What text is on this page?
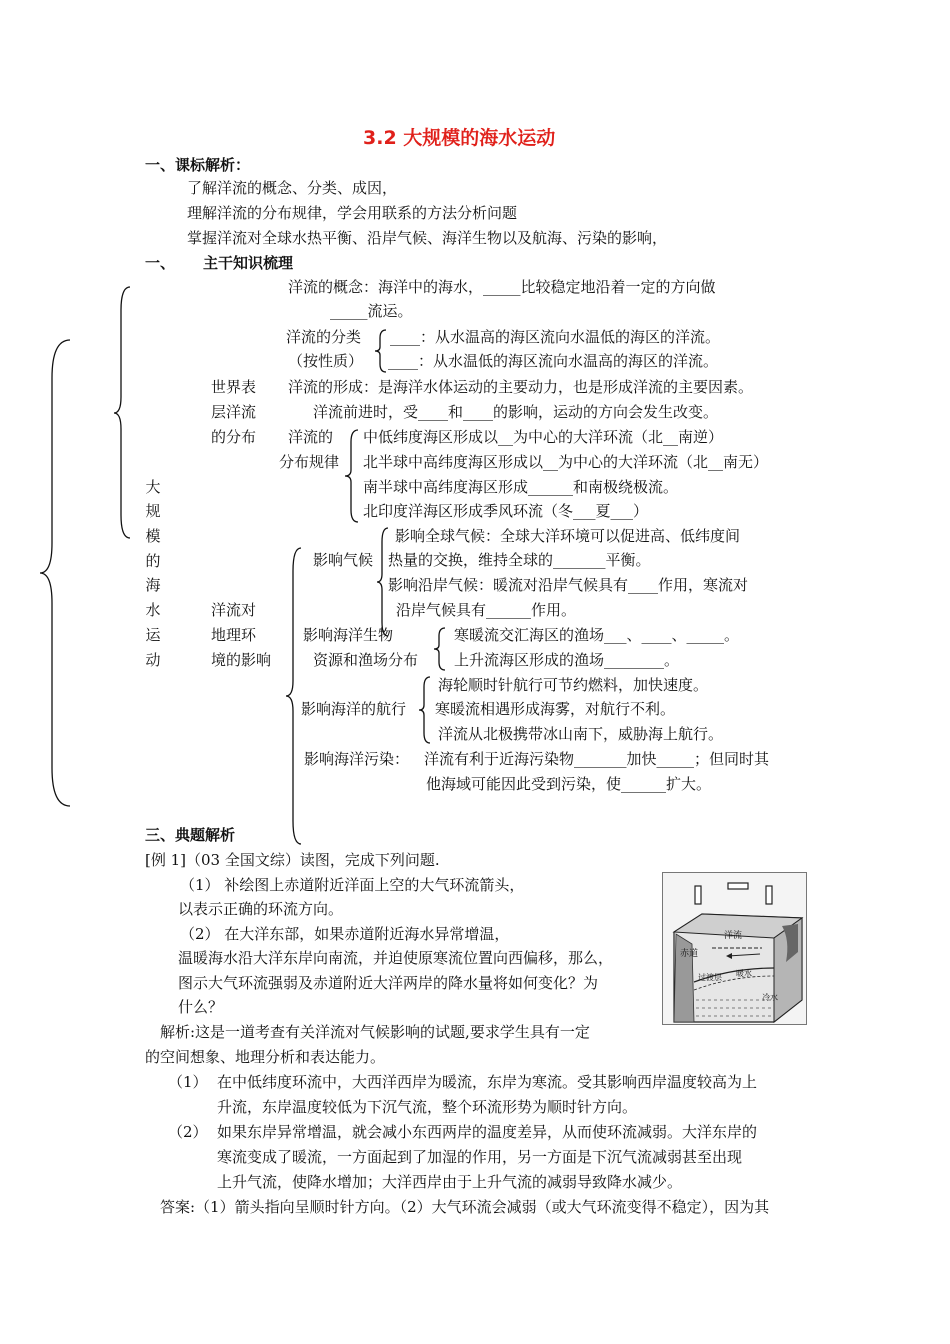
3.2 大规模的海水运动
一、课标解析：
了解洋流的概念、分类、成因，
理解洋流的分布规律，学会用联系的方法分析问题
掌握洋流对全球水热平衡、沿岸气候、海洋生物以及航海、污染的影响，
一、 主干知识梳理
大
规
模
的
海
水
运
动
世界表
层洋流
的分布
洋流的概念：海洋中的海水，_____比较稳定地沿着一定的方向做
_____流运。
洋流的分类
（按性质）
____：从水温高的海区流向水温低的海区的洋流。
____：从水温低的海区流向水温高的海区的洋流。
洋流的形成：是海洋水体运动的主要动力，也是形成洋流的主要因素。
洋流前进时，受____和____的影响，运动的方向会发生改变。
洋流的
分布规律
中低纬度海区形成以__为中心的大洋环流（北__南逆）
北半球中高纬度海区形成以__为中心的大洋环流（北__南无）
南半球中高纬度海区形成______和南极绕极流。
北印度洋海区形成季风环流（冬___夏___）
洋流对
地理环
境的影响
影响气候
影响全球气候：全球大洋环境可以促进高、低纬度间
热量的交换，维持全球的_______平衡。
影响沿岸气候：暖流对沿岸气候具有____作用，寒流对
沿岸气候具有______作用。
影响海洋生物
资源和渔场分布
寒暖流交汇海区的渔场___、____、_____。
上升流海区形成的渔场________。
影响海洋的航行
海轮顺时针航行可节约燃料，加快速度。
寒暖流相遇形成海雾，对航行不利。
洋流从北极携带冰山南下，威胁海上航行。
影响海洋污染： 洋流有利于近海污染物_______加快_____；但同时其
他海域可能因此受到污染，使______扩大。
三、典题解析
[例 1]（03 全国文综）读图，完成下列问题.
（1） 补绘图上赤道附近洋面上空的大气环流箭头，
以表示正确的环流方向。
（2） 在大洋东部，如果赤道附近海水异常增温，
温暖海水沿大洋东岸向南流，并迫使原寒流位置向西偏移，那么，
图示大气环流强弱及赤道附近大洋两岸的降水量将如何变化？为
什么？
洋流
赤道
过渡层 暖水
冷水
解析:这是一道考查有关洋流对气候影响的试题,要求学生具有一定
的空间想象、地理分析和表达能力。
（1） 在中低纬度环流中，大西洋西岸为暖流，东岸为寒流。受其影响西岸温度较高为上
升流，东岸温度较低为下沉气流，整个环流形势为顺时针方向。
（2） 如果东岸异常增温，就会减小东西两岸的温度差异，从而使环流减弱。大洋东岸的
寒流变成了暖流，一方面起到了加湿的作用，另一方面是下沉气流减弱甚至出现
上升气流，使降水增加；大洋西岸由于上升气流的减弱导致降水减少。
答案:（1）箭头指向呈顺时针方向。（2）大气环流会减弱（或大气环流变得不稳定），因为其
